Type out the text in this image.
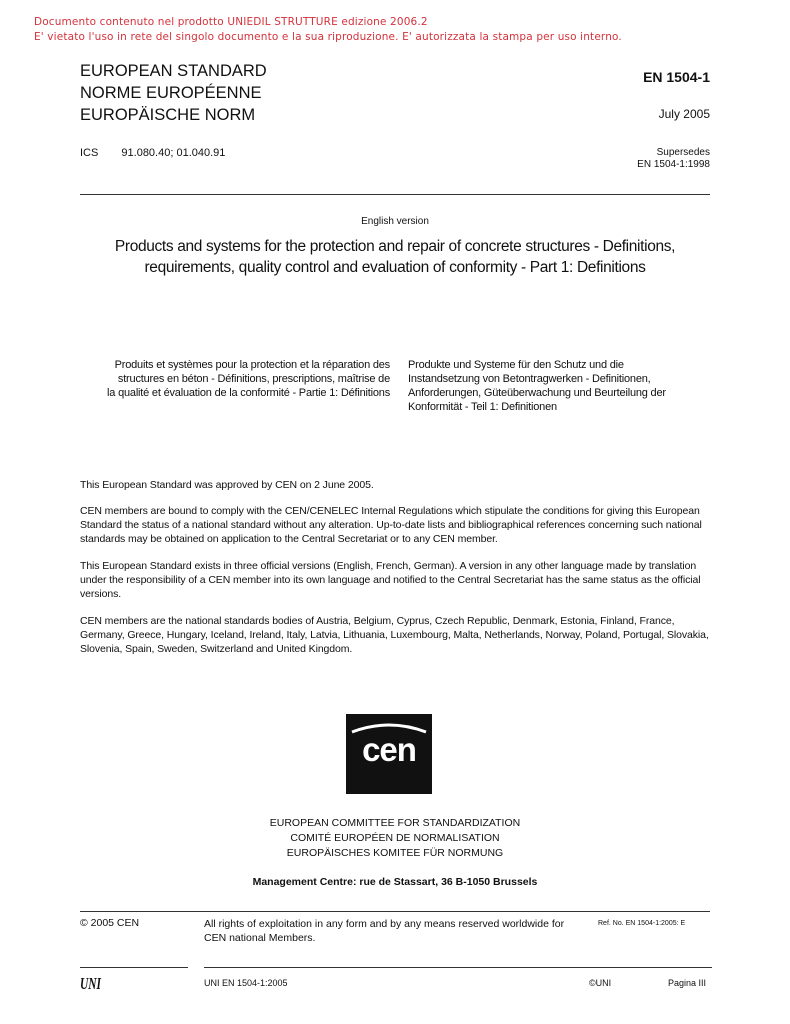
Documento contenuto nel prodotto UNIEDIL STRUTTURE edizione 2006.2
E' vietato l'uso in rete del singolo documento e la sua riproduzione. E' autorizzata la stampa per uso interno.
EUROPEAN STANDARD
NORME EUROPÉENNE
EUROPÄISCHE NORM
EN 1504-1
July 2005
ICS 91.080.40; 01.040.91	Supersedes
EN 1504-1:1998
English version
Products and systems for the protection and repair of concrete structures - Definitions,
requirements, quality control and evaluation of conformity - Part 1: Definitions
Produits et systèmes pour la protection et la réparation des
structures en béton - Définitions, prescriptions, maîtrise de
la qualité et évaluation de la conformité - Partie 1: Définitions
Produkte und Systeme für den Schutz und die
Instandsetzung von Betontragwerken - Definitionen,
Anforderungen, Güteüberwachung und Beurteilung der
Konformität - Teil 1: Definitionen

This European Standard was approved by CEN on 2 June 2005.

CEN members are bound to comply with the CEN/CENELEC Internal Regulations which stipulate the conditions for giving this European Standard the status of a national standard without any alteration. Up-to-date lists and bibliographical references concerning such national standards may be obtained on application to the Central Secretariat or to any CEN member.

This European Standard exists in three official versions (English, French, German). A version in any other language made by translation under the responsibility of a CEN member into its own language and notified to the Central Secretariat has the same status as the official versions.

CEN members are the national standards bodies of Austria, Belgium, Cyprus, Czech Republic, Denmark, Estonia, Finland, France, Germany, Greece, Hungary, Iceland, Ireland, Italy, Latvia, Lithuania, Luxembourg, Malta, Netherlands, Norway, Poland, Portugal, Slovakia, Slovenia, Spain, Sweden, Switzerland and United Kingdom.

cen
EUROPEAN COMMITTEE FOR STANDARDIZATION
COMITÉ EUROPÉEN DE NORMALISATION
EUROPÄISCHES KOMITEE FÜR NORMUNG
Management Centre: rue de Stassart, 36 B-1050 Brussels
© 2005 CEN	All rights of exploitation in any form and by any means reserved worldwide for CEN national Members.
Ref. No. EN 1504-1:2005: E
UNI	UNI EN 1504-1:2005	©UNI	Pagina III
